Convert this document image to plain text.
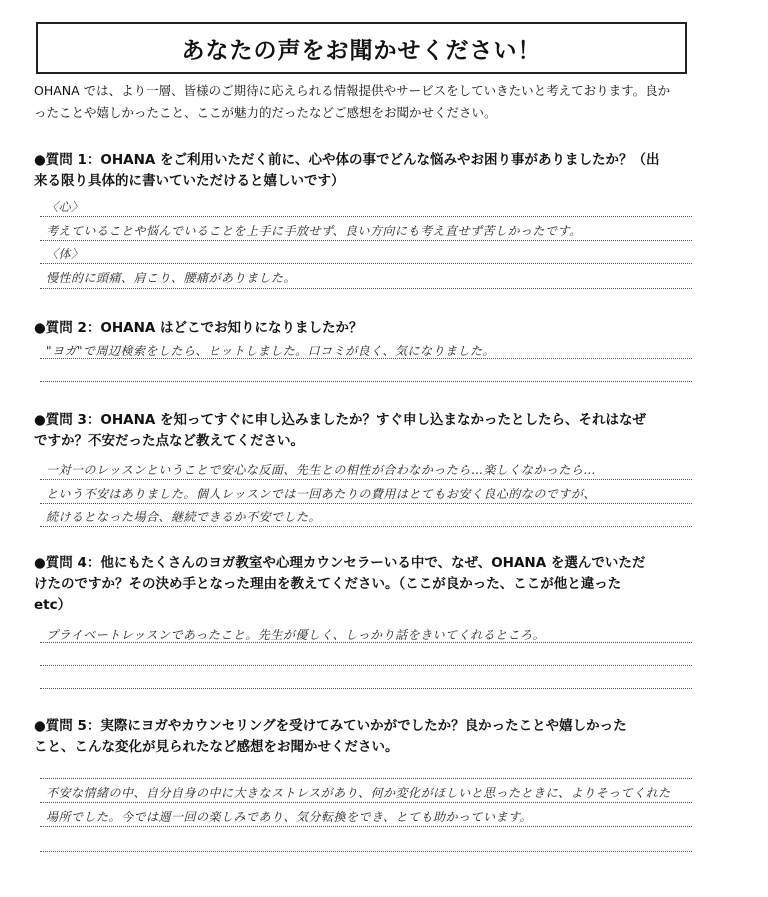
あなたの声をお聞かせください！
OHANA では、より一層、皆様のご期待に応えられる情報提供やサービスをしていきたいと考えております。良か
ったことや嬉しかったこと、ここが魅力的だったなどご感想をお聞かせください。
●質問 1：OHANA をご利用いただく前に、心や体の事でどんな悩みやお困り事がありましたか？（出
来る限り具体的に書いていただけると嬉しいです）
〈心〉
考えていることや悩んでいることを上手に手放せず、良い方向にも考え直せず苦しかったです。
〈体〉
慢性的に頭痛、肩こり、腰痛がありました。
●質問 2：OHANA はどこでお知りになりましたか？
"ヨガ"で周辺検索をしたら、ヒットしました。口コミが良く、気になりました。
●質問 3：OHANA を知ってすぐに申し込みましたか？すぐ申し込まなかったとしたら、それはなぜ
ですか？不安だった点など教えてください。
一対一のレッスンということで安心な反面、先生との相性が合わなかったら…楽しくなかったら…
という不安はありました。個人レッスンでは一回あたりの費用はとてもお安く良心的なのですが、
続けるとなった場合、継続できるか不安でした。
●質問 4：他にもたくさんのヨガ教室や心理カウンセラーいる中で、なぜ、OHANA を選んでいただ
けたのですか？その決め手となった理由を教えてください。（ここが良かった、ここが他と違った
etc）
プライベートレッスンであったこと。先生が優しく、しっかり話をきいてくれるところ。
●質問 5：実際にヨガやカウンセリングを受けてみていかがでしたか？良かったことや嬉しかった
こと、こんな変化が見られたなど感想をお聞かせください。
不安な情緒の中、自分自身の中に大きなストレスがあり、何か変化がほしいと思ったときに、よりそってくれた
場所でした。今では週一回の楽しみであり、気分転換をでき、とても助かっています。
